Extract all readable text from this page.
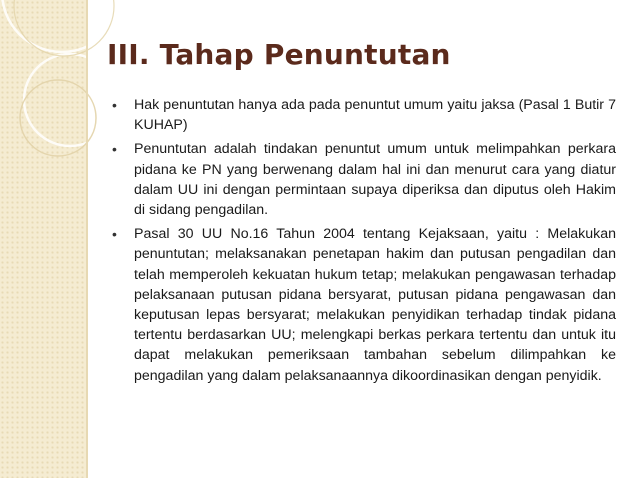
III. Tahap Penuntutan
• Hak penuntutan hanya ada pada penuntut umum yaitu jaksa (Pasal 1 Butir 7 KUHAP)
• Penuntutan adalah tindakan penuntut umum untuk melimpahkan perkara pidana ke PN yang berwenang dalam hal ini dan menurut cara yang diatur dalam UU ini dengan permintaan supaya diperiksa dan diputus oleh Hakim di sidang pengadilan.
• Pasal 30 UU No.16 Tahun 2004 tentang Kejaksaan, yaitu : Melakukan penuntutan; melaksanakan penetapan hakim dan putusan pengadilan dan telah memperoleh kekuatan hukum tetap; melakukan pengawasan terhadap pelaksanaan putusan pidana bersyarat, putusan pidana pengawasan dan keputusan lepas bersyarat; melakukan penyidikan terhadap tindak pidana tertentu berdasarkan UU; melengkapi berkas perkara tertentu dan untuk itu dapat melakukan pemeriksaan tambahan sebelum dilimpahkan ke pengadilan yang dalam pelaksanaannya dikoordinasikan dengan penyidik.
